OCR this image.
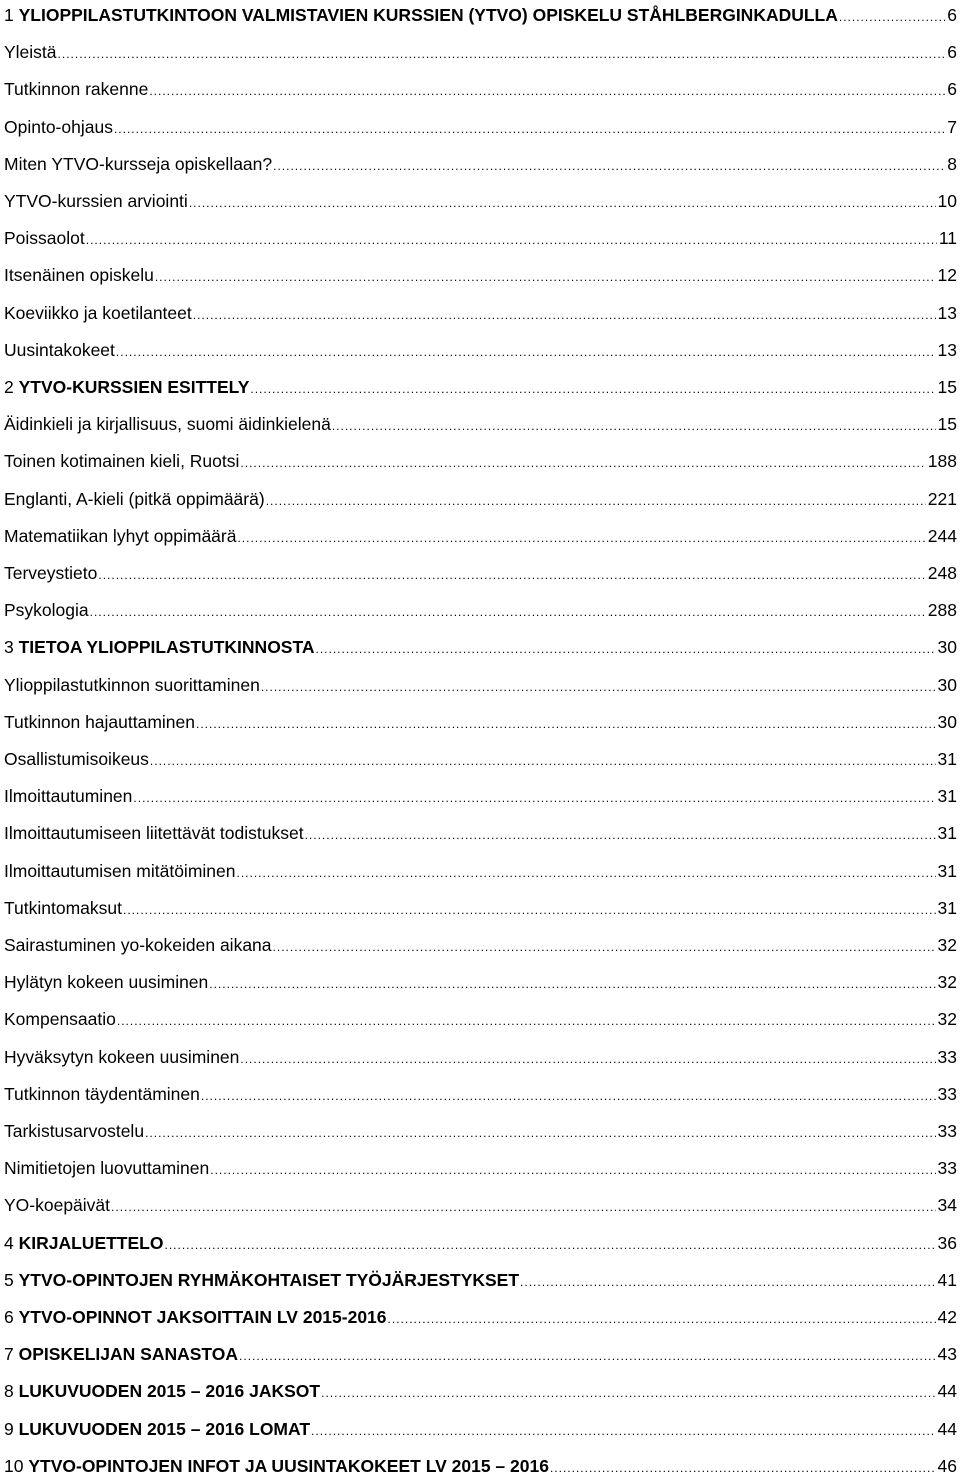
1 YLIOPPILASTUTKINTOON VALMISTAVIEN KURSSIEN (YTVO) OPISKELU STÅHLBERGINKADULLA .....	6
Yleistä .....	6
Tutkinnon rakenne .....	6
Opinto-ohjaus .....	7
Miten YTVO-kursseja opiskellaan? .....	8
YTVO-kurssien arviointi .....	10
Poissaolot .....	11
Itsenäinen opiskelu .....	12
Koeviikko ja koetilanteet .....	13
Uusintakokeet .....	13
2 YTVO-KURSSIEN ESITTELY .....	15
Äidinkieli ja kirjallisuus, suomi äidinkielenä .....	15
Toinen kotimainen kieli, Ruotsi .....	188
Englanti, A-kieli (pitkä oppimäärä) .....	221
Matematiikan lyhyt oppimäärä .....	244
Terveystieto .....	248
Psykologia .....	288
3 TIETOA YLIOPPILASTUTKINNOSTA .....	30
Ylioppilastutkinnon suorittaminen .....	30
Tutkinnon hajauttaminen .....	30
Osallistumisoikeus .....	31
Ilmoittautuminen .....	31
Ilmoittautumiseen liitettävät todistukset .....	31
Ilmoittautumisen mitätöiminen .....	31
Tutkintomaksut .....	31
Sairastuminen yo-kokeiden aikana .....	32
Hylätyn kokeen uusiminen .....	32
Kompensaatio .....	32
Hyväksytyn kokeen uusiminen .....	33
Tutkinnon täydentäminen .....	33
Tarkistusarvostelu .....	33
Nimitietojen luovuttaminen .....	33
YO-koepäivät .....	34
4 KIRJALUETTELO .....	36
5 YTVO-OPINTOJEN RYHMÄKOHTAISET TYÖJÄRJESTYKSET .....	41
6 YTVO-OPINNOT JAKSOITTAIN LV 2015-2016 .....	42
7 OPISKELIJAN SANASTOA .....	43
8 LUKUVUODEN 2015 – 2016 JAKSOT .....	44
9 LUKUVUODEN 2015 – 2016 LOMAT .....	44
10 YTVO-OPINTOJEN INFOT JA UUSINTAKOKEET LV 2015 – 2016 .....	46
